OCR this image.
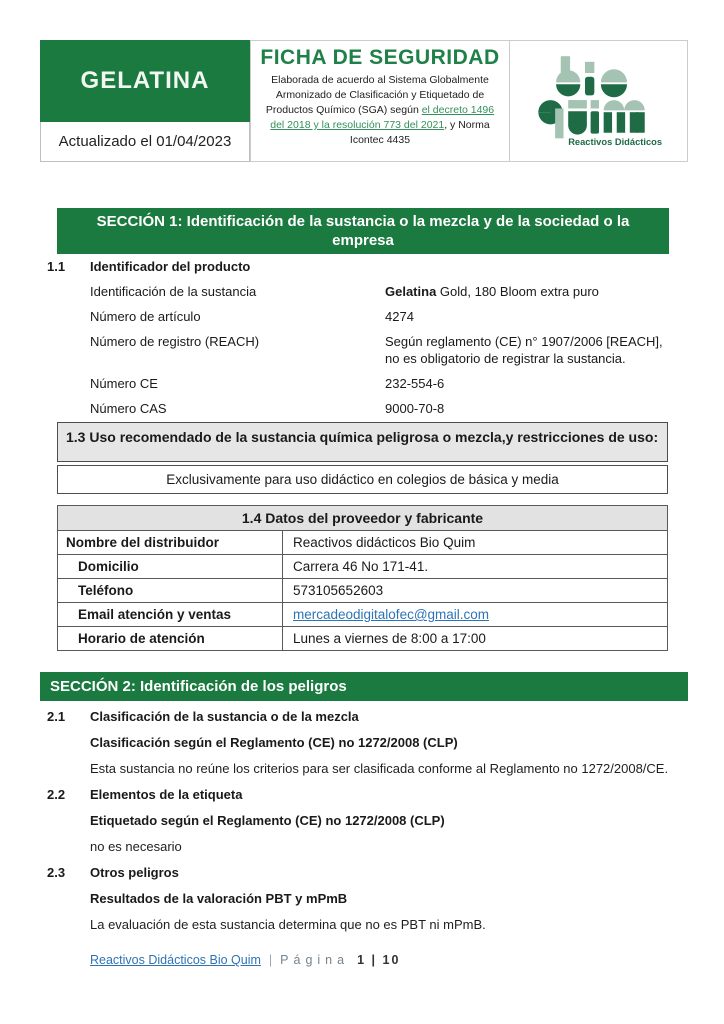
GELATINA
Actualizado el 01/04/2023
FICHA DE SEGURIDAD
Elaborada de acuerdo al Sistema Globalmente Armonizado de Clasificación y Etiquetado de Productos Químico (SGA) según el decreto 1496 del 2018 y la resolución 773 del 2021, y Norma Icontec 4435	Reactivos Didácticos
SECCIÓN 1: Identificación de la sustancia o la mezcla y de la sociedad o la empresa
1.1	Identificador del producto
Identificación de la sustancia	Gelatina Gold, 180 Bloom extra puro
Número de artículo	4274
Número de registro (REACH)	Según reglamento (CE) n° 1907/2006 [REACH], no es obligatorio de registrar la sustancia.
Número CE	232-554-6
Número CAS	9000-70-8
1.3 Uso recomendado de la sustancia química peligrosa o mezcla,y restricciones de uso:
Exclusivamente para uso didáctico en colegios de básica y media
1.4 Datos del proveedor y fabricante	
Nombre del distribuidor	Reactivos didácticos Bio Quim
Domicilio	Carrera 46 No 171-41.
Teléfono	573105652603
Email atención y ventas	mercadeodigitalofec@gmail.com
Horario de atención	Lunes a viernes de 8:00 a 17:00
SECCIÓN 2: Identificación de los peligros
2.1	Clasificación de la sustancia o de la mezcla
Clasificación según el Reglamento (CE) no 1272/2008 (CLP)
Esta sustancia no reúne los criterios para ser clasificada conforme al Reglamento no 1272/2008/CE.
2.2	Elementos de la etiqueta
Etiquetado según el Reglamento (CE) no 1272/2008 (CLP)
no es necesario
2.3	Otros peligros
Resultados de la valoración PBT y mPmB
La evaluación de esta sustancia determina que no es PBT ni mPmB.
Reactivos Didácticos Bio Quim | Página 1 | 10
